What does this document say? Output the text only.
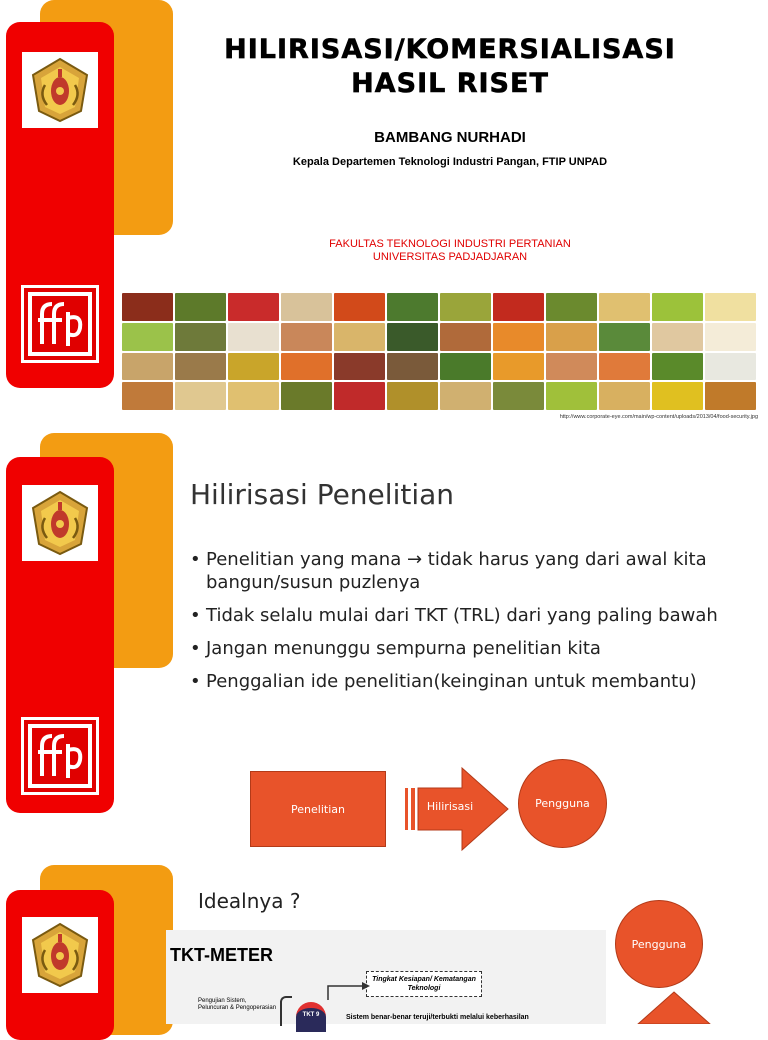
HILIRISASI/KOMERSIALISASI
HASIL RISET
BAMBANG NURHADI
Kepala Departemen Teknologi Industri Pangan, FTIP UNPAD
FAKULTAS TEKNOLOGI INDUSTRI PERTANIAN
UNIVERSITAS PADJADJARAN
http://www.corporate-eye.com/main/wp-content/uploads/2013/04/food-security.jpg
Hilirisasi Penelitian
• Penelitian yang mana → tidak harus yang dari awal kita bangun/susun puzlenya
• Tidak selalu mulai dari TKT (TRL) dari yang paling bawah
• Jangan menunggu sempurna penelitian kita
• Penggalian ide penelitian(keinginan untuk membantu)
Penelitian	Hilirisasi	Pengguna
Idealnya ?
TKT-METER
Tingkat Kesiapan/ Kematangan Teknologi
Pengujian Sistem, Peluncuran & Pengoperasian
TKT 9	Sistem benar-benar teruji/terbukti melalui keberhasilan
Pengguna
